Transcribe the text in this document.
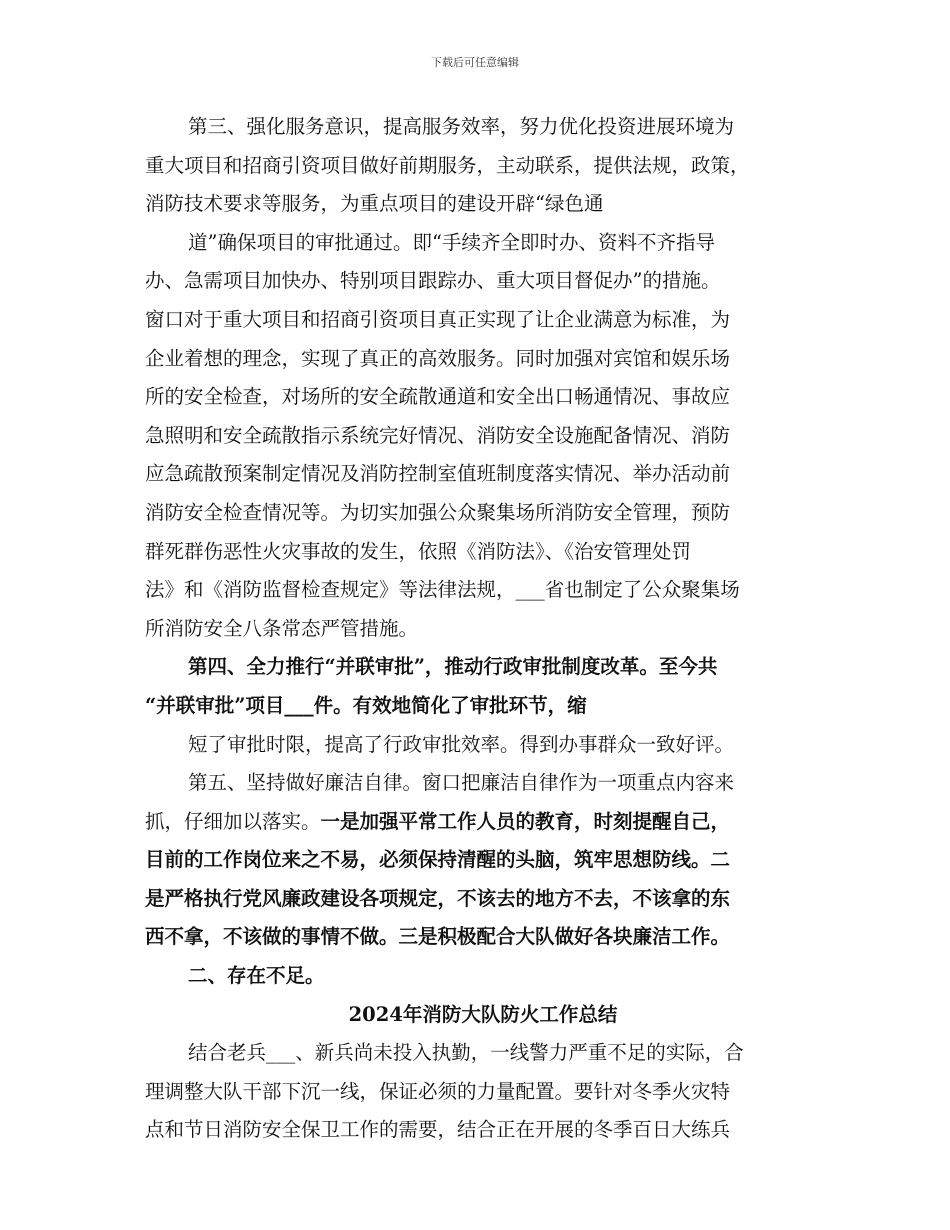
下载后可任意编辑
第三、强化服务意识，提高服务效率，努力优化投资进展环境为
重大项目和招商引资项目做好前期服务，主动联系，提供法规，政策，
消防技术要求等服务，为重点项目的建设开辟“绿色通
道”确保项目的审批通过。即“手续齐全即时办、资料不齐指导
办、急需项目加快办、特别项目跟踪办、重大项目督促办”的措施。
窗口对于重大项目和招商引资项目真正实现了让企业满意为标准，为
企业着想的理念，实现了真正的高效服务。同时加强对宾馆和娱乐场
所的安全检查，对场所的安全疏散通道和安全出口畅通情况、事故应
急照明和安全疏散指示系统完好情况、消防安全设施配备情况、消防
应急疏散预案制定情况及消防控制室值班制度落实情况、举办活动前
消防安全检查情况等。为切实加强公众聚集场所消防安全管理，预防
群死群伤恶性火灾事故的发生，依照《消防法》、《治安管理处罚
法》和《消防监督检查规定》等法律法规，___省也制定了公众聚集场
所消防安全八条常态严管措施。
第四、全力推行“并联审批”，推动行政审批制度改革。至今共
“并联审批”项目___件。有效地简化了审批环节，缩
短了审批时限，提高了行政审批效率。得到办事群众一致好评。
第五、坚持做好廉洁自律。窗口把廉洁自律作为一项重点内容来
抓，仔细加以落实。一是加强平常工作人员的教育，时刻提醒自己，
目前的工作岗位来之不易，必须保持清醒的头脑，筑牢思想防线。二
是严格执行党风廉政建设各项规定，不该去的地方不去，不该拿的东
西不拿，不该做的事情不做。三是积极配合大队做好各块廉洁工作。
二、存在不足。
2024年消防大队防火工作总结
结合老兵___、新兵尚未投入执勤，一线警力严重不足的实际，合
理调整大队干部下沉一线，保证必须的力量配置。要针对冬季火灾特
点和节日消防安全保卫工作的需要，结合正在开展的冬季百日大练兵
